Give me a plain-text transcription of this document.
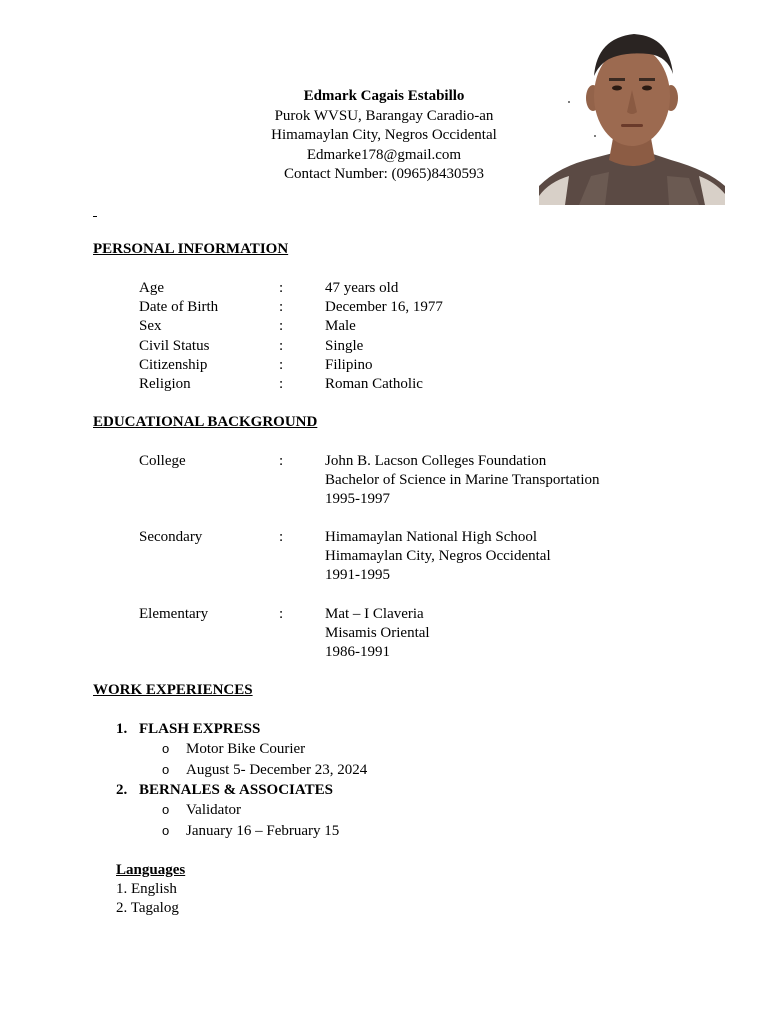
Edmark Cagais Estabillo
Purok WVSU, Barangay Caradio-an
Himamaylan City, Negros Occidental
Edmarke178@gmail.com
Contact Number: (0965)8430593
PERSONAL INFORMATION
Age	:	47 years old
Date of Birth	:	December 16, 1977
Sex	:	Male
Civil Status	:	Single
Citizenship	:	Filipino
Religion	:	Roman Catholic
EDUCATIONAL BACKGROUND
College	:	John B. Lacson Colleges Foundation
Bachelor of Science in Marine Transportation
1995-1997
Secondary	:	Himamaylan National High School
Himamaylan City, Negros Occidental
1991-1995
Elementary	:	Mat – I Claveria
Misamis Oriental
1986-1991
WORK EXPERIENCES
1. FLASH EXPRESS
o Motor Bike Courier
o August 5- December 23, 2024
2. BERNALES & ASSOCIATES
o Validator
o January 16 – February 15
Languages
1. English
2. Tagalog
